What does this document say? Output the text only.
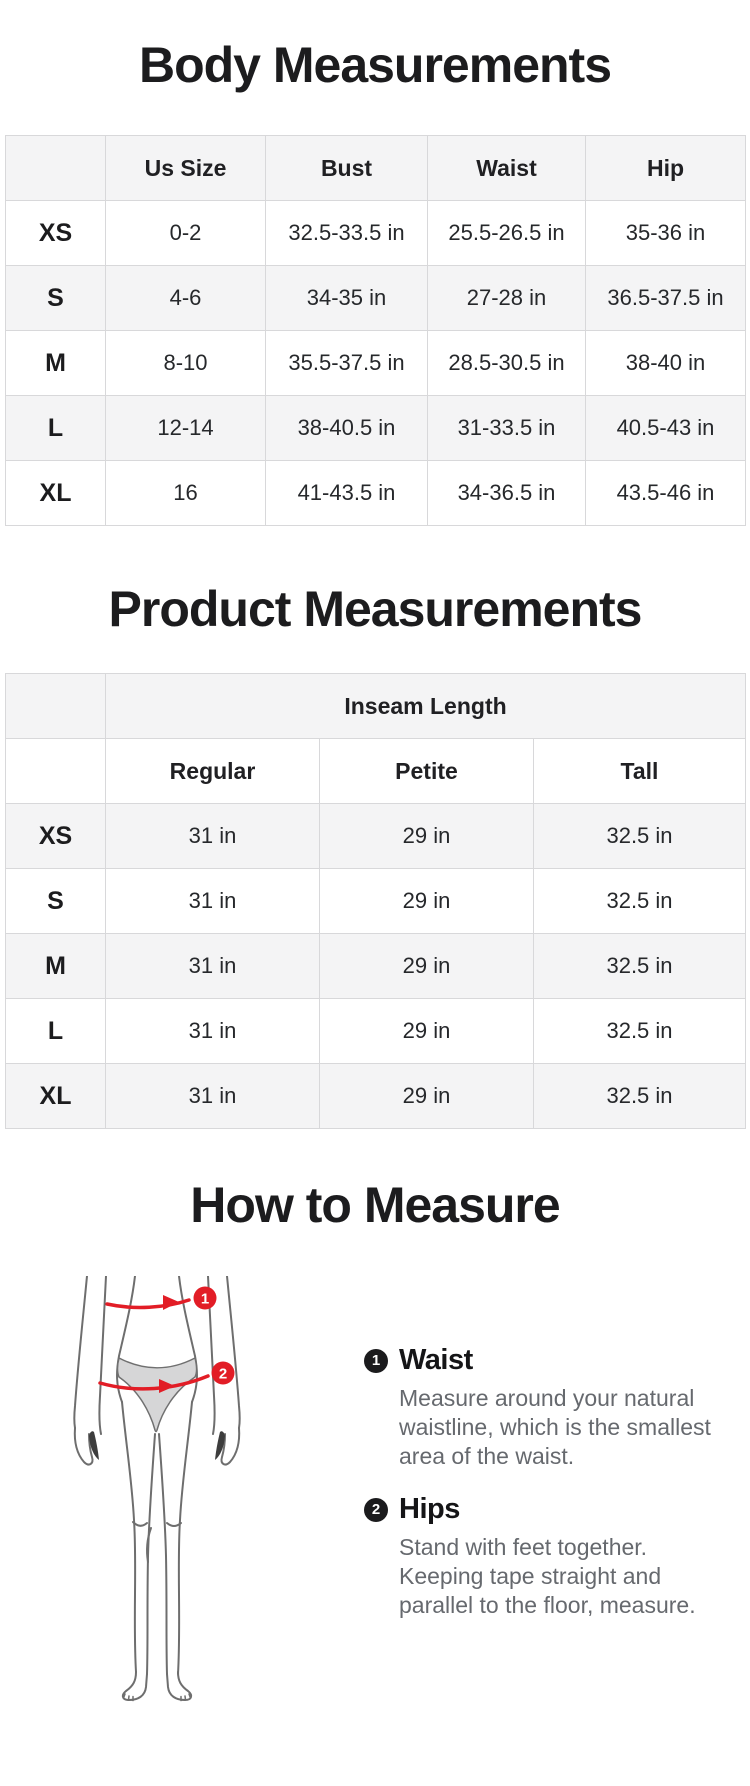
Body Measurements
	Us Size	Bust	Waist	Hip
XS	0-2	32.5-33.5 in	25.5-26.5 in	35-36 in
S	4-6	34-35 in	27-28 in	36.5-37.5 in
M	8-10	35.5-37.5 in	28.5-30.5 in	38-40 in
L	12-14	38-40.5 in	31-33.5 in	40.5-43 in
XL	16	41-43.5 in	34-36.5 in	43.5-46 in
Product Measurements
	Inseam Length		
	Regular	Petite	Tall
XS	31 in	29 in	32.5 in
S	31 in	29 in	32.5 in
M	31 in	29 in	32.5 in
L	31 in	29 in	32.5 in
XL	31 in	29 in	32.5 in
How to Measure
1
2
1 Waist

Measure around your natural waistline, which is the smallest area of the waist.

2 Hips

Stand with feet together. Keeping tape straight and parallel to the floor, measure.
